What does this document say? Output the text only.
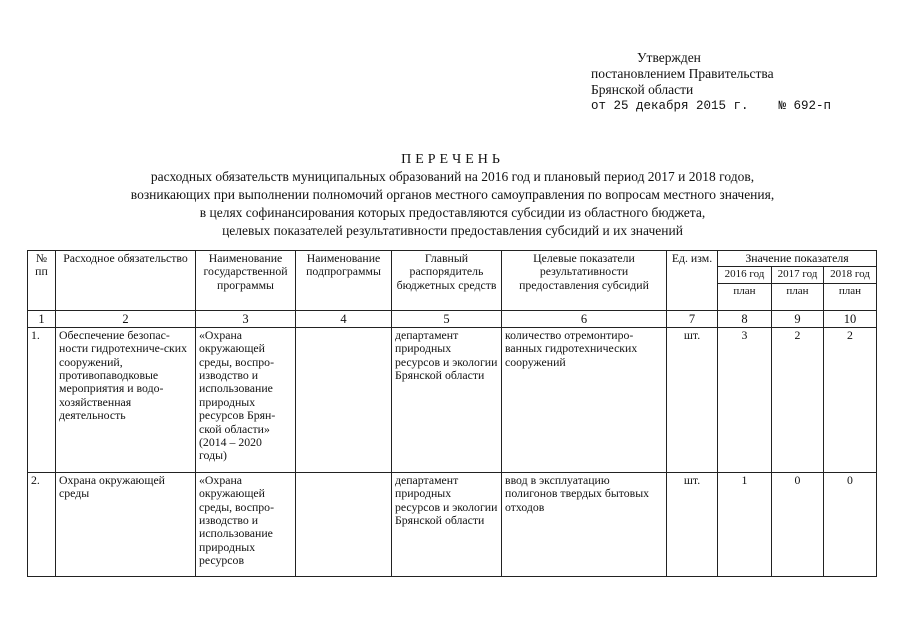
Утвержден
постановлением Правительства
Брянской области
от 25 декабря 2015 г.    № 692-п
ПЕРЕЧЕНЬ
расходных обязательств муниципальных образований на 2016 год и плановый период 2017 и 2018 годов,
возникающих при выполнении полномочий органов местного самоуправления по вопросам местного значения,
в целях софинансирования которых предоставляются субсидии из областного бюджета,
целевых показателей результативности предоставления субсидий и их значений
№ пп	Расходное обязательство	Наименование государственной программы	Наименование подпрограммы	Главный распорядитель бюджетных средств	Целевые показатели результативности предоставления субсидий	Ед. изм.	Значение показателя		
							2016 год	2017 год	2018 год
							план	план	план
1	2	3	4	5	6	7	8	9	10
1.	Обеспечение безопас-ности гидротехниче-ских сооружений, противопаводковые мероприятия и водо-хозяйственная деятельность	«Охрана окружающей среды, воспро-изводство и использование природных ресурсов Брян-ской области» (2014 – 2020 годы)		департамент природных ресурсов и экологии Брянской области	количество отремонтиро-ванных гидротехнических сооружений	шт.	3	2	2
2.	Охрана окружающей среды	«Охрана окружающей среды, воспро-изводство и использование природных ресурсов		департамент природных ресурсов и экологии Брянской области	ввод в эксплуатацию полигонов твердых бытовых отходов	шт.	1	0	0
